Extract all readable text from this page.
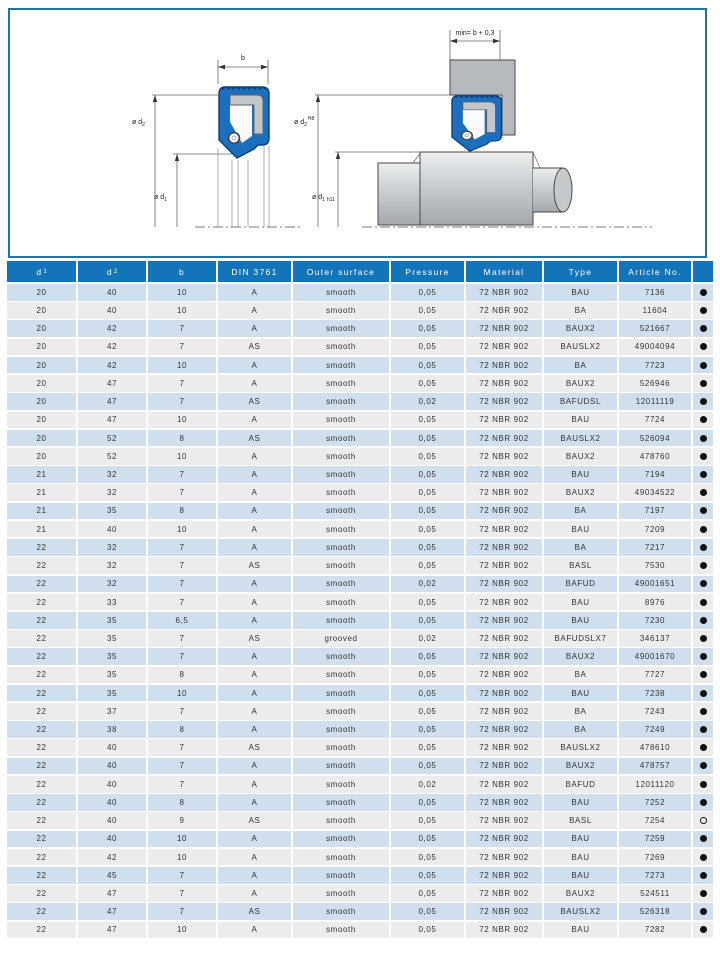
b
ø $d_2$
ø $d_1$
min= b + 0,3
ø $d_2^{H8}$
ø $d_1$ h11
d 1	d 2	b	DIN 3761	Outer surface	Pressure	Material	Type	Article No.
20	40	10	A	smooth	0,05	72 NBR 902	BAU	7136
20	40	10	A	smooth	0,05	72 NBR 902	BA	11604
20	42	7	A	smooth	0,05	72 NBR 902	BAUX2	521667
20	42	7	AS	smooth	0,05	72 NBR 902	BAUSLX2	49004094
20	42	10	A	smooth	0,05	72 NBR 902	BA	7723
20	47	7	A	smooth	0,05	72 NBR 902	BAUX2	526946
20	47	7	AS	smooth	0,02	72 NBR 902	BAFUDSL	12011119
20	47	10	A	smooth	0,05	72 NBR 902	BAU	7724
20	52	8	AS	smooth	0,05	72 NBR 902	BAUSLX2	526094
20	52	10	A	smooth	0,05	72 NBR 902	BAUX2	478760
21	32	7	A	smooth	0,05	72 NBR 902	BAU	7194
21	32	7	A	smooth	0,05	72 NBR 902	BAUX2	49034522
21	35	8	A	smooth	0,05	72 NBR 902	BA	7197
21	40	10	A	smooth	0,05	72 NBR 902	BAU	7209
22	32	7	A	smooth	0,05	72 NBR 902	BA	7217
22	32	7	AS	smooth	0,05	72 NBR 902	BASL	7530
22	32	7	A	smooth	0,02	72 NBR 902	BAFUD	49001651
22	33	7	A	smooth	0,05	72 NBR 902	BAU	8976
22	35	6,5	A	smooth	0,05	72 NBR 902	BAU	7230
22	35	7	AS	grooved	0,02	72 NBR 902	BAFUDSLX7	346137
22	35	7	A	smooth	0,05	72 NBR 902	BAUX2	49001670
22	35	8	A	smooth	0,05	72 NBR 902	BA	7727
22	35	10	A	smooth	0,05	72 NBR 902	BAU	7238
22	37	7	A	smooth	0,05	72 NBR 902	BA	7243
22	38	8	A	smooth	0,05	72 NBR 902	BA	7249
22	40	7	AS	smooth	0,05	72 NBR 902	BAUSLX2	478610
22	40	7	A	smooth	0,05	72 NBR 902	BAUX2	478757
22	40	7	A	smooth	0,02	72 NBR 902	BAFUD	12011120
22	40	8	A	smooth	0,05	72 NBR 902	BAU	7252
22	40	9	AS	smooth	0,05	72 NBR 902	BASL	7254
22	40	10	A	smooth	0,05	72 NBR 902	BAU	7259
22	42	10	A	smooth	0,05	72 NBR 902	BAU	7269
22	45	7	A	smooth	0,05	72 NBR 902	BAU	7273
22	47	7	A	smooth	0,05	72 NBR 902	BAUX2	524511
22	47	7	AS	smooth	0,05	72 NBR 902	BAUSLX2	526318
22	47	10	A	smooth	0,05	72 NBR 902	BAU	7282
